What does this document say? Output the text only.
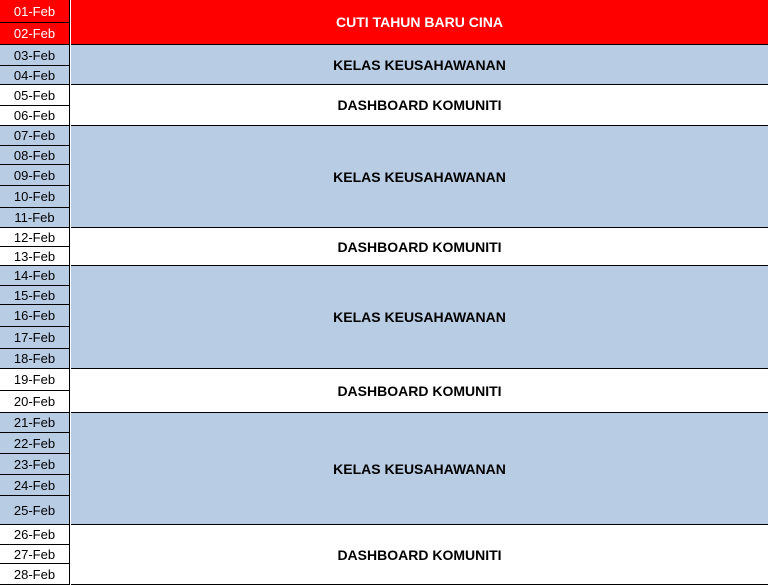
01-Feb
02-Feb
03-Feb
04-Feb
05-Feb
06-Feb
07-Feb
08-Feb
09-Feb
10-Feb
11-Feb
12-Feb
13-Feb
14-Feb
15-Feb
16-Feb
17-Feb
18-Feb
19-Feb
20-Feb
21-Feb
22-Feb
23-Feb
24-Feb
25-Feb
26-Feb
27-Feb
28-Feb
CUTI TAHUN BARU CINA
KELAS KEUSAHAWANAN
DASHBOARD KOMUNITI
KELAS KEUSAHAWANAN
DASHBOARD KOMUNITI
KELAS KEUSAHAWANAN
DASHBOARD KOMUNITI
KELAS KEUSAHAWANAN
DASHBOARD KOMUNITI
